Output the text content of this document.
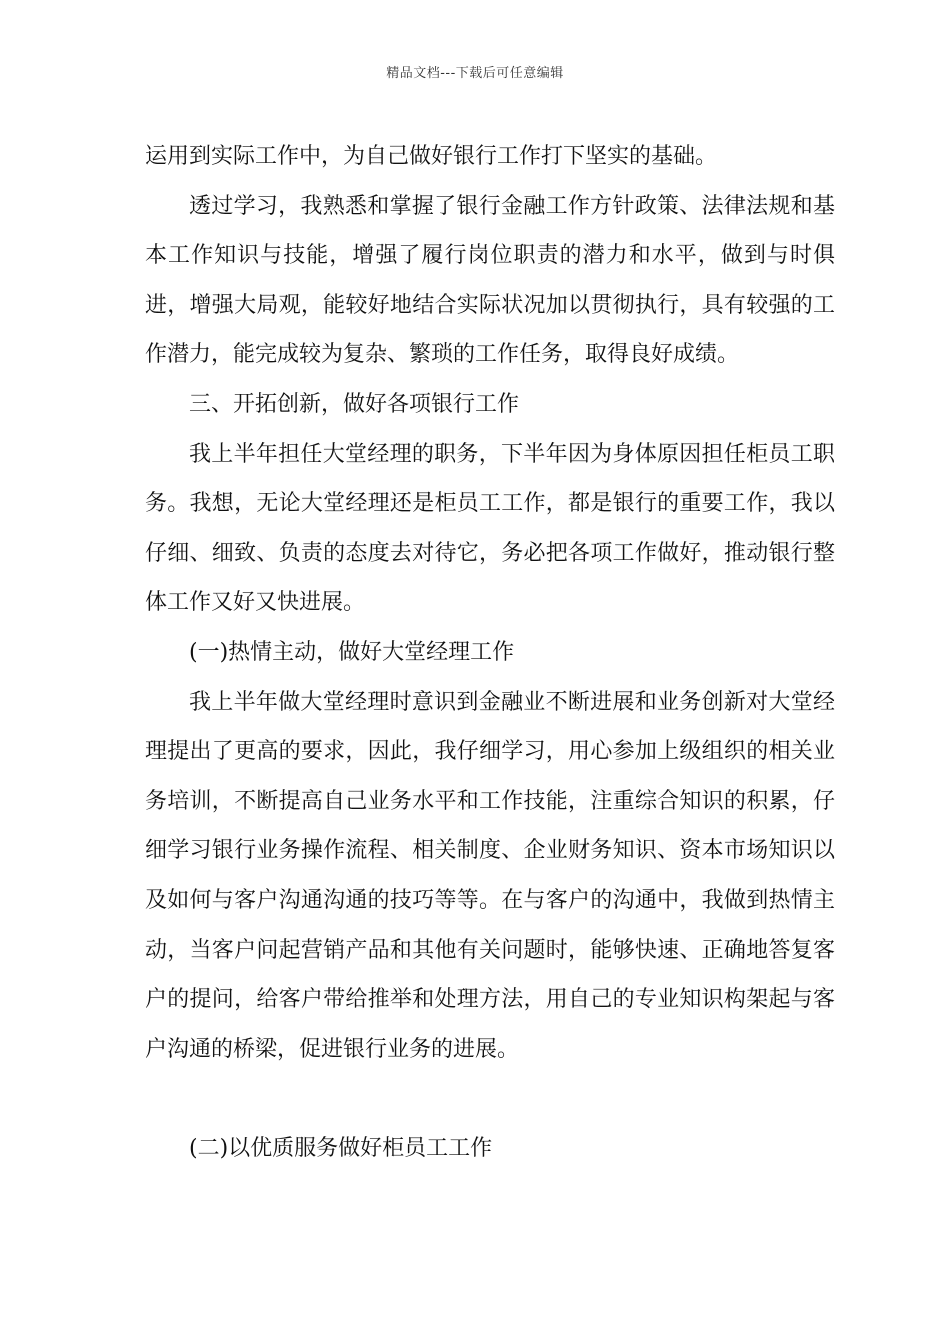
精品文档---下载后可任意编辑

运用到实际工作中，为自己做好银行工作打下坚实的基础。

透过学习，我熟悉和掌握了银行金融工作方针政策、法律法规和基本工作知识与技能，增强了履行岗位职责的潜力和水平，做到与时俱进，增强大局观，能较好地结合实际状况加以贯彻执行，具有较强的工作潜力，能完成较为复杂、繁琐的工作任务，取得良好成绩。

三、开拓创新，做好各项银行工作

我上半年担任大堂经理的职务，下半年因为身体原因担任柜员工职务。我想，无论大堂经理还是柜员工工作，都是银行的重要工作，我以仔细、细致、负责的态度去对待它，务必把各项工作做好，推动银行整体工作又好又快进展。

(一)热情主动，做好大堂经理工作

我上半年做大堂经理时意识到金融业不断进展和业务创新对大堂经理提出了更高的要求，因此，我仔细学习，用心参加上级组织的相关业务培训，不断提高自己业务水平和工作技能，注重综合知识的积累，仔细学习银行业务操作流程、相关制度、企业财务知识、资本市场知识以及如何与客户沟通沟通的技巧等等。在与客户的沟通中，我做到热情主动，当客户问起营销产品和其他有关问题时，能够快速、正确地答复客户的提问，给客户带给推举和处理方法，用自己的专业知识构架起与客户沟通的桥梁，促进银行业务的进展。

(二)以优质服务做好柜员工工作
